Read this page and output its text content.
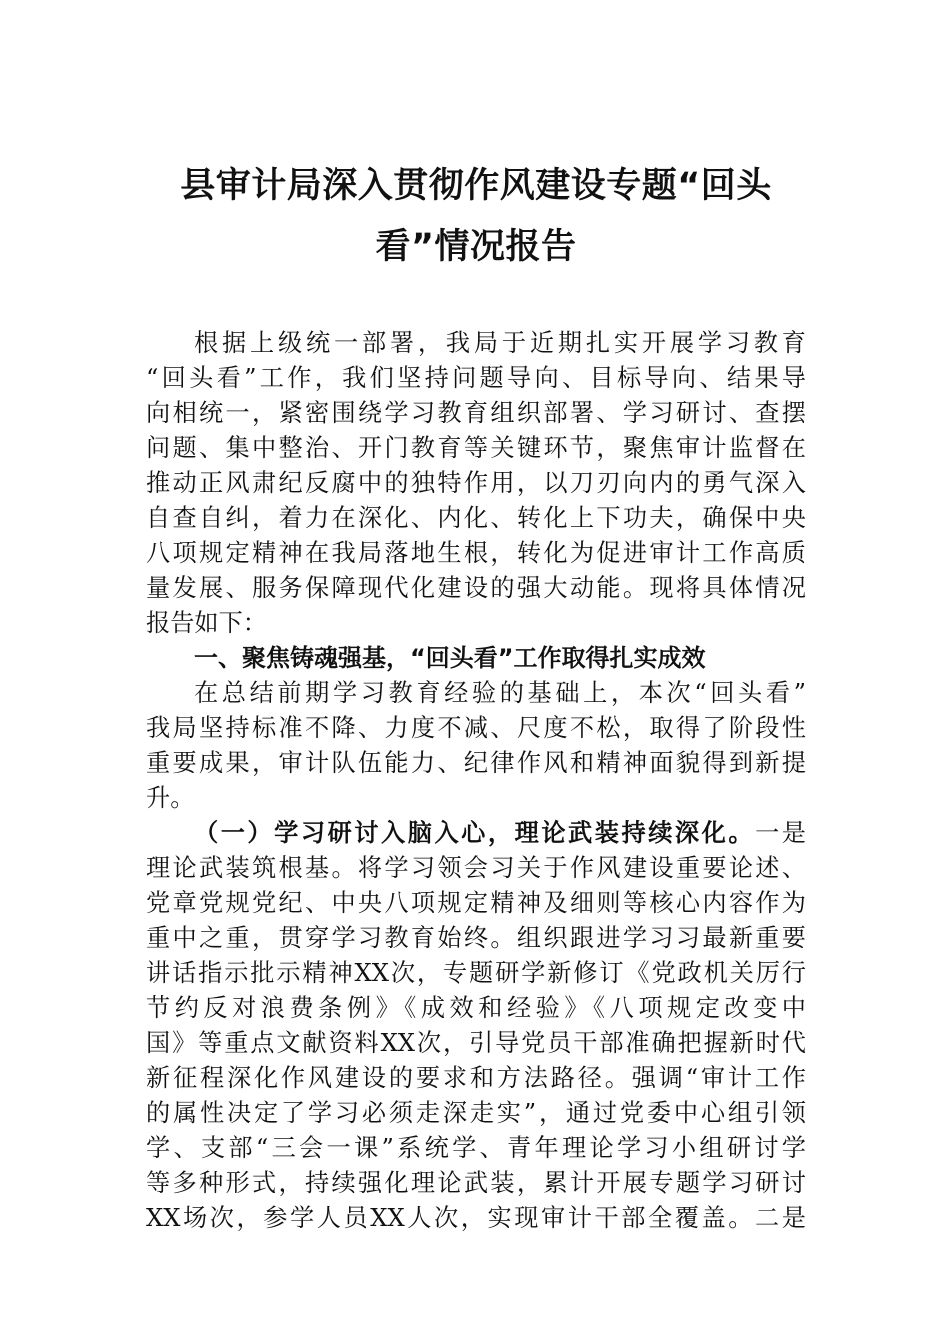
县审计局深入贯彻作风建设专题“回头
看”情况报告
根据上级统一部署，我局于近期扎实开展学习教育
“回头看”工作，我们坚持问题导向、目标导向、结果导
向相统一，紧密围绕学习教育组织部署、学习研讨、查摆
问题、集中整治、开门教育等关键环节，聚焦审计监督在
推动正风肃纪反腐中的独特作用，以刀刃向内的勇气深入
自查自纠，着力在深化、内化、转化上下功夫，确保中央
八项规定精神在我局落地生根，转化为促进审计工作高质
量发展、服务保障现代化建设的强大动能。现将具体情况
报告如下：
一、聚焦铸魂强基，“回头看”工作取得扎实成效
在总结前期学习教育经验的基础上，本次“回头看”
我局坚持标准不降、力度不减、尺度不松，取得了阶段性
重要成果，审计队伍能力、纪律作风和精神面貌得到新提
升。
（一）学习研讨入脑入心，理论武装持续深化。一是
理论武装筑根基。将学习领会习关于作风建设重要论述、
党章党规党纪、中央八项规定精神及细则等核心内容作为
重中之重，贯穿学习教育始终。组织跟进学习习最新重要
讲话指示批示精神XX次，专题研学新修订《党政机关厉行
节约反对浪费条例》《成效和经验》《八项规定改变中
国》等重点文献资料XX次，引导党员干部准确把握新时代
新征程深化作风建设的要求和方法路径。强调“审计工作
的属性决定了学习必须走深走实”，通过党委中心组引领
学、支部“三会一课”系统学、青年理论学习小组研讨学
等多种形式，持续强化理论武装，累计开展专题学习研讨
XX场次，参学人员XX人次，实现审计干部全覆盖。二是
